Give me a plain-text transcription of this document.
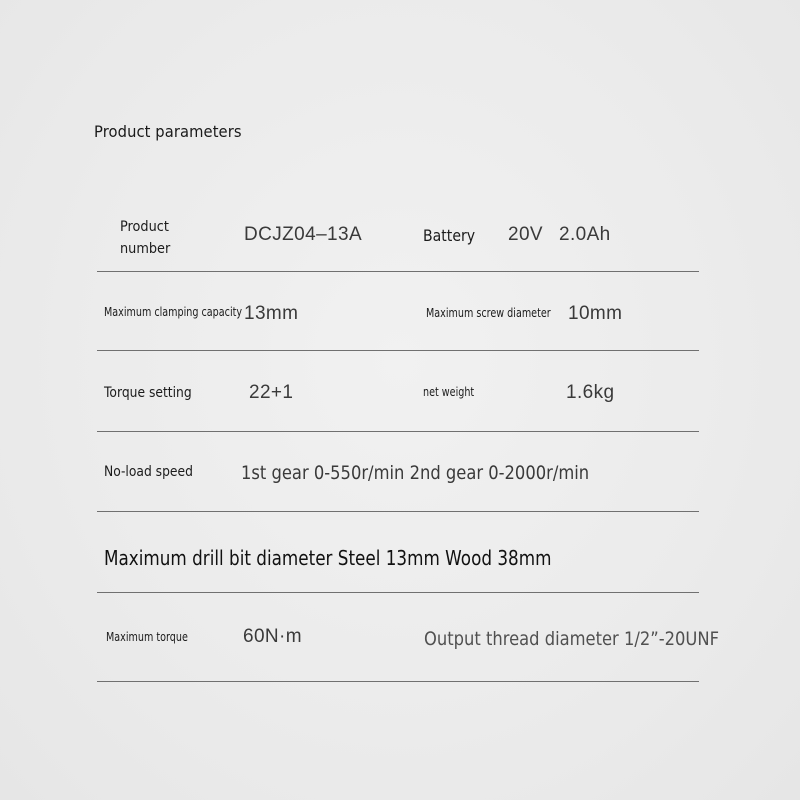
Product parameters
Product
number
DCJZ04–13A	Battery 20V 2.0Ah
Maximum clamping capacity 13mm	Maximum screw diameter 10mm
Torque setting	22+1	net weight	1.6kg
No-load speed	1st gear 0-550r/min 2nd gear 0-2000r/min
Maximum drill bit diameter Steel 13mm Wood 38mm
Maximum torque	60N·m	Output thread diameter 1/2”-20UNF
